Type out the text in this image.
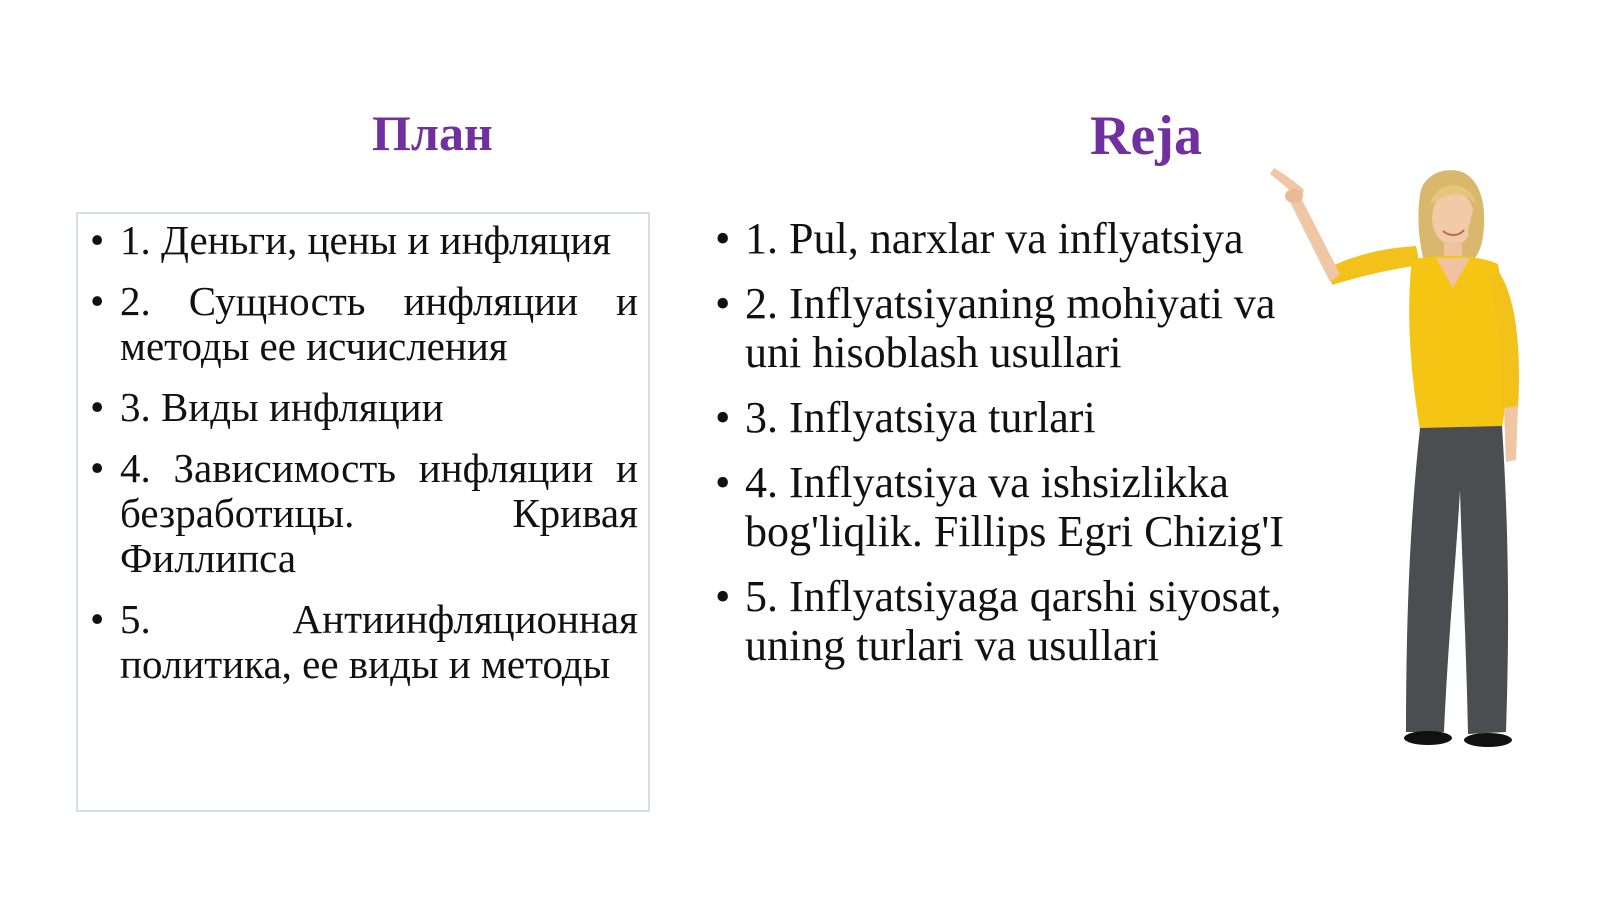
План	Reja
• 1. Деньги, цены и инфляция
• 2. Сущность инфляции и методы ее исчисления
• 3. Виды инфляции
• 4. Зависимость инфляции и безработицы. Кривая Филлипса
• 5. Антиинфляционная политика, ее виды и методы
• 1. Pul, narxlar va inflyatsiya
• 2. Inflyatsiyaning mohiyati va uni hisoblash usullari
• 3. Inflyatsiya turlari
• 4. Inflyatsiya va ishsizlikka bog'liqlik. Fillips Egri Chizig'I
• 5. Inflyatsiyaga qarshi siyosat, uning turlari va usullari
